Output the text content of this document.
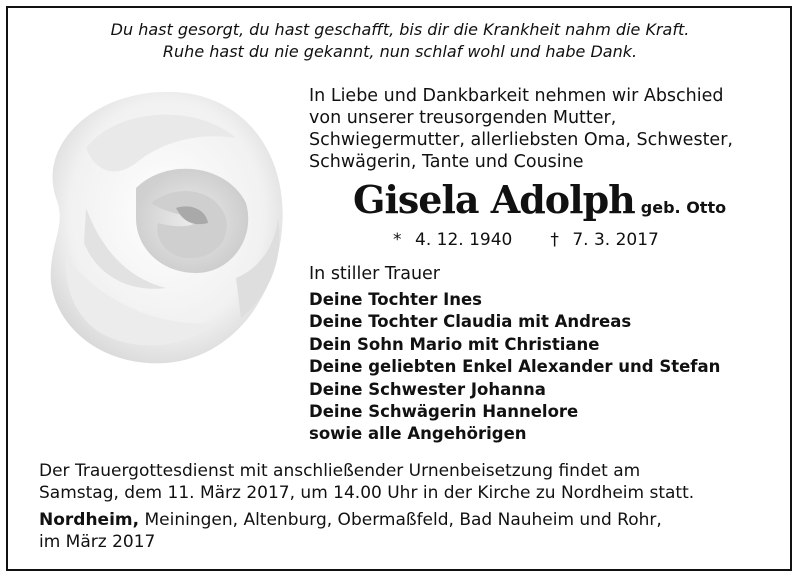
Du hast gesorgt, du hast geschafft, bis dir die Krankheit nahm die Kraft.
Ruhe hast du nie gekannt, nun schlaf wohl und habe Dank.
In Liebe und Dankbarkeit nehmen wir Abschied
von unserer treusorgenden Mutter,
Schwiegermutter, allerliebsten Oma, Schwester,
Schwägerin, Tante und Cousine
Gisela Adolph geb. Otto
* 4. 12. 1940 † 7. 3. 2017
In stiller Trauer
Deine Tochter Ines
Deine Tochter Claudia mit Andreas
Dein Sohn Mario mit Christiane
Deine geliebten Enkel Alexander und Stefan
Deine Schwester Johanna
Deine Schwägerin Hannelore
sowie alle Angehörigen
Der Trauergottesdienst mit anschließender Urnenbeisetzung findet am
Samstag, dem 11. März 2017, um 14.00 Uhr in der Kirche zu Nordheim statt.
Nordheim, Meiningen, Altenburg, Obermaßfeld, Bad Nauheim und Rohr,
im März 2017
